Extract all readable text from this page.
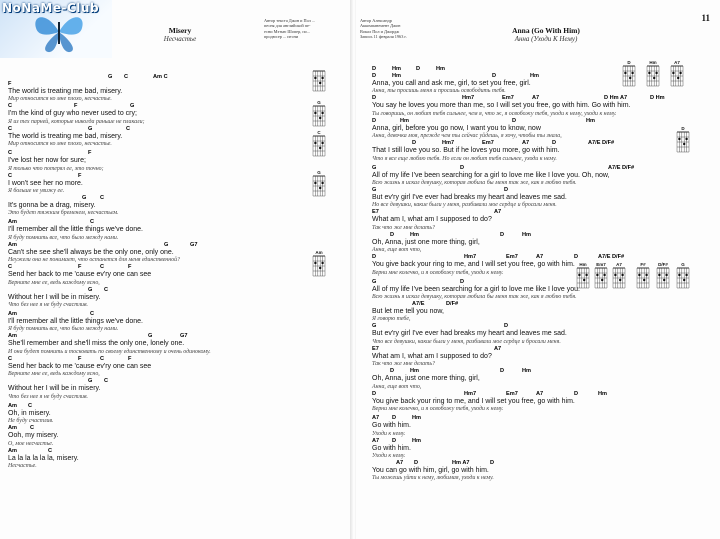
NoNaMe-Club
Автор текста Джон и Пол ...
песня для английской пе-
есни Мэтью Шопер, по...
продюсер ... песни
Misery
Несчастье
G C	Am C
F
The world is treating me bad, misery.
Мир относится ко мне плохо, несчастье.
C	F	G
I'm the kind of guy who never used to cry;
Я из тех парней, которые никогда раньше не плакали;
C	G	C
The world is treating me bad, misery.
Мир относится ко мне плохо, несчастье.
C	F
I've lost her now for sure;
Я только что потерял ее, это точно;
C	F
I won't see her no more.
Я больше не увижу ее.
G C
It's gonna be a drag, misery.
Это будет тяжким бременем, несчастьем.
Am	C
I'll remember all the little things we've done.
Я буду помнить все, что было между нами.
Am	G	G7
Can't she see she'll always be the only one, only one.
Неужели она не понимает, что останется для меня единственной?
C	F	C	F
Send her back to me 'cause ev'ry one can see
Верните мне ее, ведь каждому ясно,
G C
Without her I will be in misery.
Что без нее я не буду счастлив.
Am	C
I'll remember all the little things we've done.
Я буду помнить все, что было между нами.
Am	G	G7
She'll remember and she'll miss the only one, lonely one.
И она будет помнить и тосковать по своему единственному и очень одинокому.
C	F	C	F
Send her back to me 'cause ev'ry one can see
Верните мне ее, ведь каждому ясно,
G C
Without her I will be in misery.
Что без нее я не буду счастлив.
Am C
Oh, in misery.
Не буду счастлив.
Am C
Ooh, my misery.
О, мое несчастье.
Am	C
La la la la la la, misery.
Несчастье.
G
C
G
Am
11
Автор Александр
Аккомпанемент Джон
Вокал Пол и Джордж
Запись 11 февраля 1963 г.
Anna (Go With Him)
Анна (Уходи К Нему)
D	Hm	D	Hm
D	Hm	D	Hm
Anna, you call and ask me, girl, to set you free, girl.
Анна, ты просишь меня и просишь освободить тебя.
D	Hm7	Em7	A7	D Hm A7	D Hm
You say he loves you more than me, so I will set you free, go with him. Go with him.
Ты говоришь, он любит тебя сильнее, чем я, что ж, я освобожу тебя, уходи к нему, уходи к нему.
D	Hm	D	Hm
Anna, girl, before you go now, I want you to know, now
Анна, девочка моя, прежде чем ты сейчас уйдешь, я хочу, чтобы ты знала,
D	Hm7	Em7	A7	D	A7/E D/F#
That I still love you so. But if he loves you more, go with him.
Что я все еще люблю тебя. Но если он любит тебя сильнее, уходи к нему.
G	D	A7/E D/F#
All of my life I've been searching for a girl to love me like I love you. Oh, now,
Всю жизнь я искал девушку, которая любила бы меня так же, как я люблю тебя.
G	D
But ev'ry girl I've ever had breaks my heart and leaves me sad.
Но все девушки, какие были у меня, разбивали мое сердце и бросали меня.
E7	A7
What am I, what am I supposed to do?
Так что же мне делать?
D	Hm	D	Hm
Oh, Anna, just one more thing, girl,
Анна, еще вот что,
D	Hm7	Em7	A7	D	A7/E D/F#
You give back your ring to me, and I will set you free, go with him.
Верни мне колечко, и я освобожу тебя, уходи к нему.
G	D
All of my life I've been searching for a girl to love me like I love you.
Всю жизнь я искал девушку, которая любила бы меня так же, как я люблю тебя.
A7/E	D/F#
But let me tell you now,
Я говорю тебе,
G	D
But ev'ry girl I've ever had breaks my heart and leaves me sad.
Что все девушки, какие были у меня, разбивали мое сердце и бросали меня.
E7	A7
What am I, what am I supposed to do?
Так что же мне делать?
D	Hm	D	Hm
Oh, Anna, just one more thing, girl,
Анна, еще вот что,
D	Hm7	Em7	A7	D	Hm
You give back your ring to me, and I will set you free, go with him.
Верни мне колечко, и я освобожу тебя, уходи к нему.
A7 D	Hm
Go with him.
Уходи к нему.
A7 D	Hm
Go with him.
Уходи к нему.
A7 D	Hm A7	D
You can go with him, girl, go with him.
Ты можешь уйти к нему, любимая, уходи к нему.
D	Hm	A7
D
Hm	Em7	A7	F#	D/F#	G
